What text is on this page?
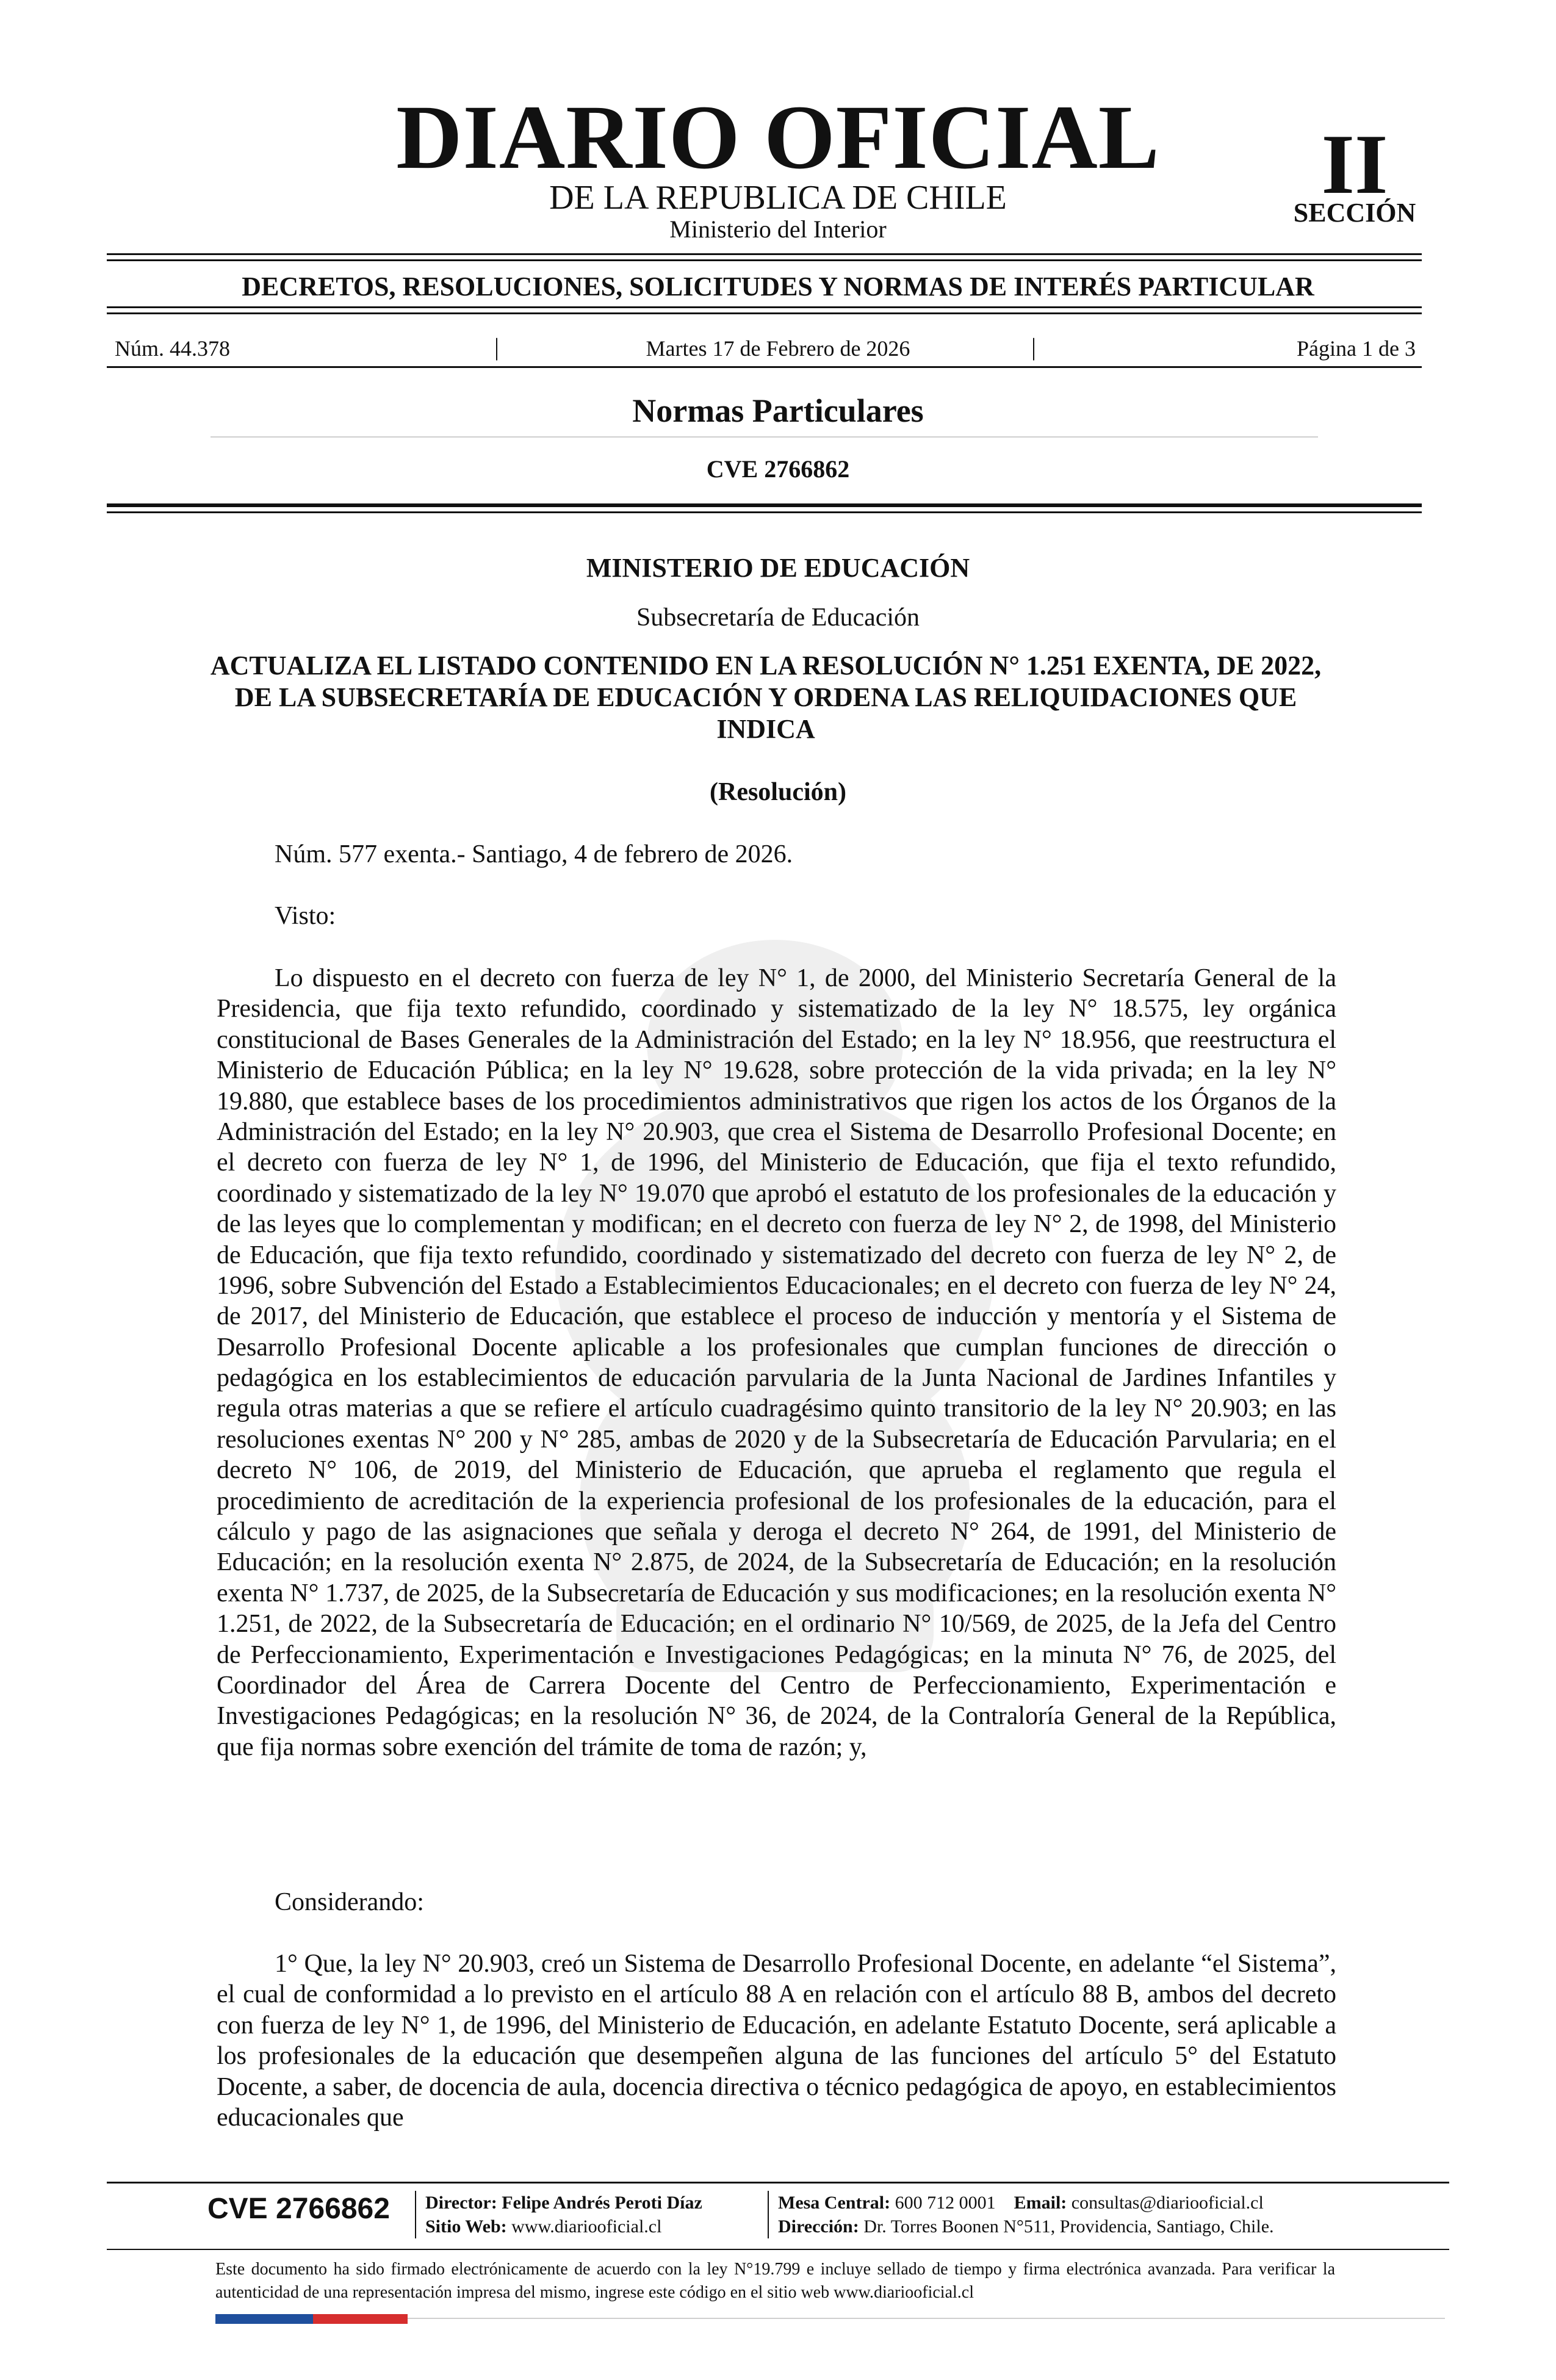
DIARIO OFICIAL
DE LA REPUBLICA DE CHILE
Ministerio del Interior
II
SECCIÓN
DECRETOS, RESOLUCIONES, SOLICITUDES Y NORMAS DE INTERÉS PARTICULAR
Núm. 44.378	|	Martes 17 de Febrero de 2026	|	Página 1 de 3
Normas Particulares
CVE 2766862
MINISTERIO DE EDUCACIÓN
Subsecretaría de Educación
ACTUALIZA EL LISTADO CONTENIDO EN LA RESOLUCIÓN N° 1.251 EXENTA, DE 2022, DE LA SUBSECRETARÍA DE EDUCACIÓN Y ORDENA LAS RELIQUIDACIONES QUE INDICA
(Resolución)
Núm. 577 exenta.- Santiago, 4 de febrero de 2026.
Visto:
Lo dispuesto en el decreto con fuerza de ley N° 1, de 2000, del Ministerio Secretaría General de la Presidencia, que fija texto refundido, coordinado y sistematizado de la ley N° 18.575, ley orgánica constitucional de Bases Generales de la Administración del Estado; en la ley N° 18.956, que reestructura el Ministerio de Educación Pública; en la ley N° 19.628, sobre protección de la vida privada; en la ley N° 19.880, que establece bases de los procedimientos administrativos que rigen los actos de los Órganos de la Administración del Estado; en la ley N° 20.903, que crea el Sistema de Desarrollo Profesional Docente; en el decreto con fuerza de ley N° 1, de 1996, del Ministerio de Educación, que fija el texto refundido, coordinado y sistematizado de la ley N° 19.070 que aprobó el estatuto de los profesionales de la educación y de las leyes que lo complementan y modifican; en el decreto con fuerza de ley N° 2, de 1998, del Ministerio de Educación, que fija texto refundido, coordinado y sistematizado del decreto con fuerza de ley N° 2, de 1996, sobre Subvención del Estado a Establecimientos Educacionales; en el decreto con fuerza de ley N° 24, de 2017, del Ministerio de Educación, que establece el proceso de inducción y mentoría y el Sistema de Desarrollo Profesional Docente aplicable a los profesionales que cumplan funciones de dirección o pedagógica en los establecimientos de educación parvularia de la Junta Nacional de Jardines Infantiles y regula otras materias a que se refiere el artículo cuadragésimo quinto transitorio de la ley N° 20.903; en las resoluciones exentas N° 200 y N° 285, ambas de 2020 y de la Subsecretaría de Educación Parvularia; en el decreto N° 106, de 2019, del Ministerio de Educación, que aprueba el reglamento que regula el procedimiento de acreditación de la experiencia profesional de los profesionales de la educación, para el cálculo y pago de las asignaciones que señala y deroga el decreto N° 264, de 1991, del Ministerio de Educación; en la resolución exenta N° 2.875, de 2024, de la Subsecretaría de Educación; en la resolución exenta N° 1.737, de 2025, de la Subsecretaría de Educación y sus modificaciones; en la resolución exenta N° 1.251, de 2022, de la Subsecretaría de Educación; en el ordinario N° 10/569, de 2025, de la Jefa del Centro de Perfeccionamiento, Experimentación e Investigaciones Pedagógicas; en la minuta N° 76, de 2025, del Coordinador del Área de Carrera Docente del Centro de Perfeccionamiento, Experimentación e Investigaciones Pedagógicas; en la resolución N° 36, de 2024, de la Contraloría General de la República, que fija normas sobre exención del trámite de toma de razón; y,
Considerando:
1° Que, la ley N° 20.903, creó un Sistema de Desarrollo Profesional Docente, en adelante “el Sistema”, el cual de conformidad a lo previsto en el artículo 88 A en relación con el artículo 88 B, ambos del decreto con fuerza de ley N° 1, de 1996, del Ministerio de Educación, en adelante Estatuto Docente, será aplicable a los profesionales de la educación que desempeñen alguna de las funciones del artículo 5° del Estatuto Docente, a saber, de docencia de aula, docencia directiva o técnico pedagógica de apoyo, en establecimientos educacionales que
CVE 2766862 Director: Felipe Andrés Peroti Díaz
Sitio Web: www.diariooficial.cl
Mesa Central: 600 712 0001 Email: consultas@diariooficial.cl
Dirección: Dr. Torres Boonen N°511, Providencia, Santiago, Chile.
Este documento ha sido firmado electrónicamente de acuerdo con la ley N°19.799 e incluye sellado de tiempo y firma electrónica avanzada. Para verificar la autenticidad de una representación impresa del mismo, ingrese este código en el sitio web www.diariooficial.cl
